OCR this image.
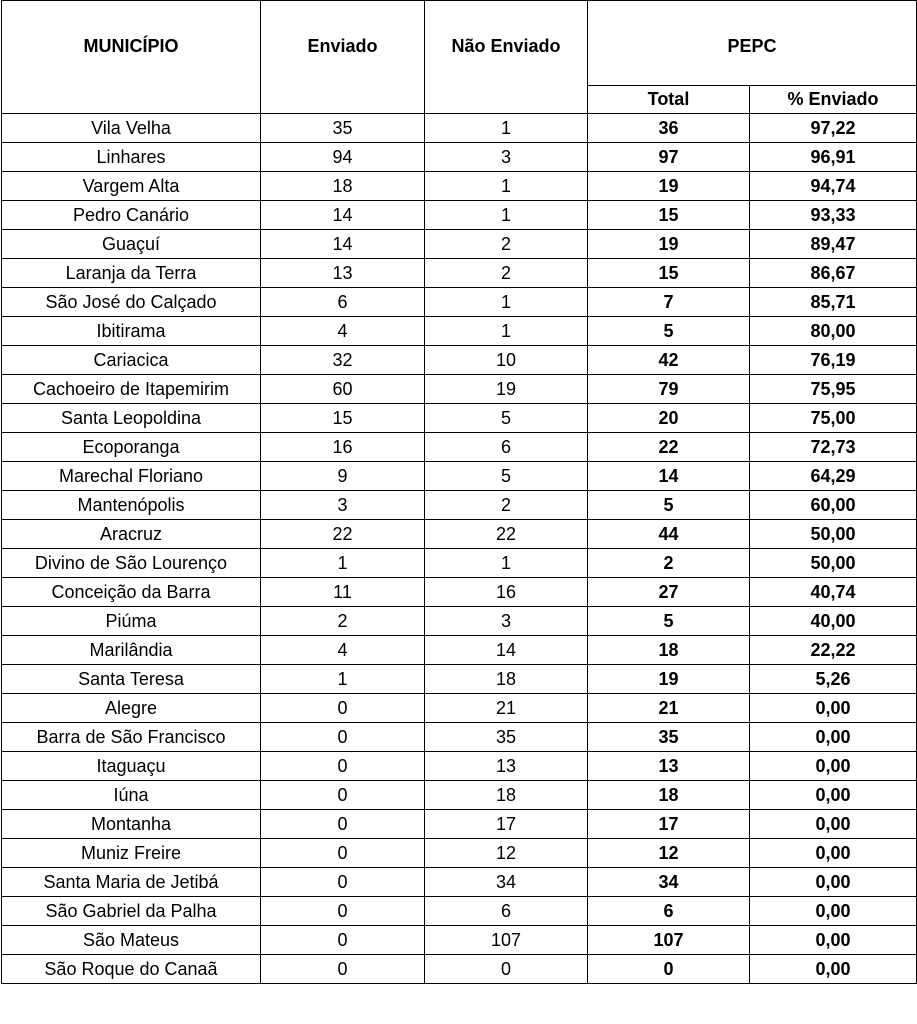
MUNICÍPIO	Enviado	Não Enviado	PEPC	
			Total	% Enviado
Vila Velha	35	1	36	97,22
Linhares	94	3	97	96,91
Vargem Alta	18	1	19	94,74
Pedro Canário	14	1	15	93,33
Guaçuí	14	2	19	89,47
Laranja da Terra	13	2	15	86,67
São José do Calçado	6	1	7	85,71
Ibitirama	4	1	5	80,00
Cariacica	32	10	42	76,19
Cachoeiro de Itapemirim	60	19	79	75,95
Santa Leopoldina	15	5	20	75,00
Ecoporanga	16	6	22	72,73
Marechal Floriano	9	5	14	64,29
Mantenópolis	3	2	5	60,00
Aracruz	22	22	44	50,00
Divino de São Lourenço	1	1	2	50,00
Conceição da Barra	11	16	27	40,74
Piúma	2	3	5	40,00
Marilândia	4	14	18	22,22
Santa Teresa	1	18	19	5,26
Alegre	0	21	21	0,00
Barra de São Francisco	0	35	35	0,00
Itaguaçu	0	13	13	0,00
Iúna	0	18	18	0,00
Montanha	0	17	17	0,00
Muniz Freire	0	12	12	0,00
Santa Maria de Jetibá	0	34	34	0,00
São Gabriel da Palha	0	6	6	0,00
São Mateus	0	107	107	0,00
São Roque do Canaã	0	0	0	0,00
